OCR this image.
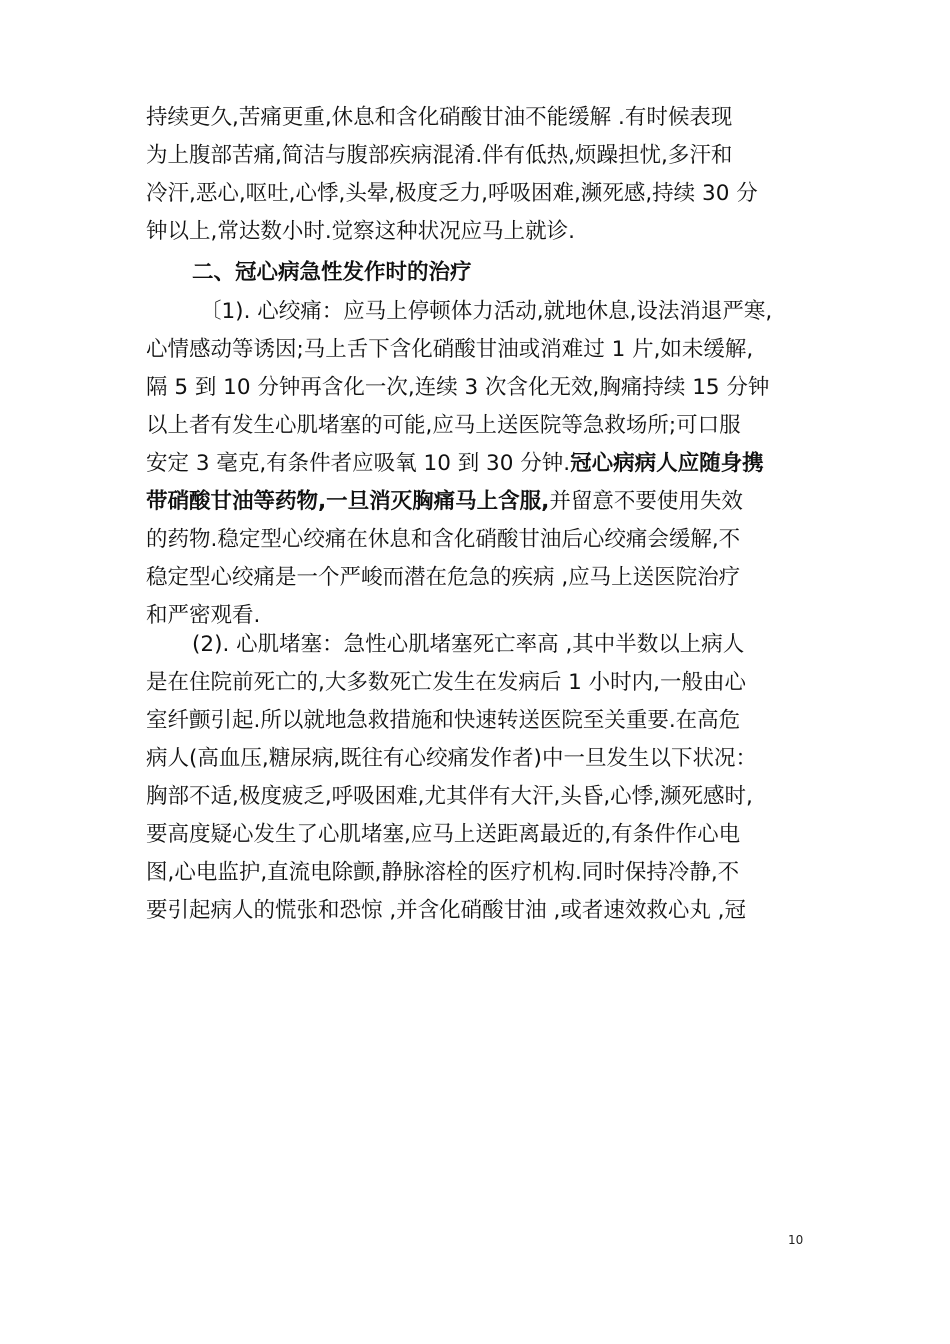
持续更久,苦痛更重,休息和含化硝酸甘油不能缓解 .有时候表现
为上腹部苦痛,简洁与腹部疾病混淆.伴有低热,烦躁担忧,多汗和
冷汗,恶心,呕吐,心悸,头晕,极度乏力,呼吸困难,濒死感,持续 30 分
钟以上,常达数小时.觉察这种状况应马上就诊.
二、冠心病急性发作时的治疗
〔1). 心绞痛：应马上停顿体力活动,就地休息,设法消退严寒,
心情感动等诱因;马上舌下含化硝酸甘油或消难过 1 片,如未缓解,
隔 5 到 10 分钟再含化一次,连续 3 次含化无效,胸痛持续 15 分钟
以上者有发生心肌堵塞的可能,应马上送医院等急救场所;可口服
安定 3 毫克,有条件者应吸氧 10 到 30 分钟.冠心病病人应随身携
带硝酸甘油等药物,一旦消灭胸痛马上含服,并留意不要使用失效
的药物.稳定型心绞痛在休息和含化硝酸甘油后心绞痛会缓解,不
稳定型心绞痛是一个严峻而潜在危急的疾病 ,应马上送医院治疗
和严密观看.
(2). 心肌堵塞：急性心肌堵塞死亡率高 ,其中半数以上病人
是在住院前死亡的,大多数死亡发生在发病后 1 小时内,一般由心
室纤颤引起.所以就地急救措施和快速转送医院至关重要.在高危
病人(高血压,糖尿病,既往有心绞痛发作者)中一旦发生以下状况：
胸部不适,极度疲乏,呼吸困难,尤其伴有大汗,头昏,心悸,濒死感时,
要高度疑心发生了心肌堵塞,应马上送距离最近的,有条件作心电
图,心电监护,直流电除颤,静脉溶栓的医疗机构.同时保持冷静,不
要引起病人的慌张和恐惊 ,并含化硝酸甘油 ,或者速效救心丸 ,冠
10
